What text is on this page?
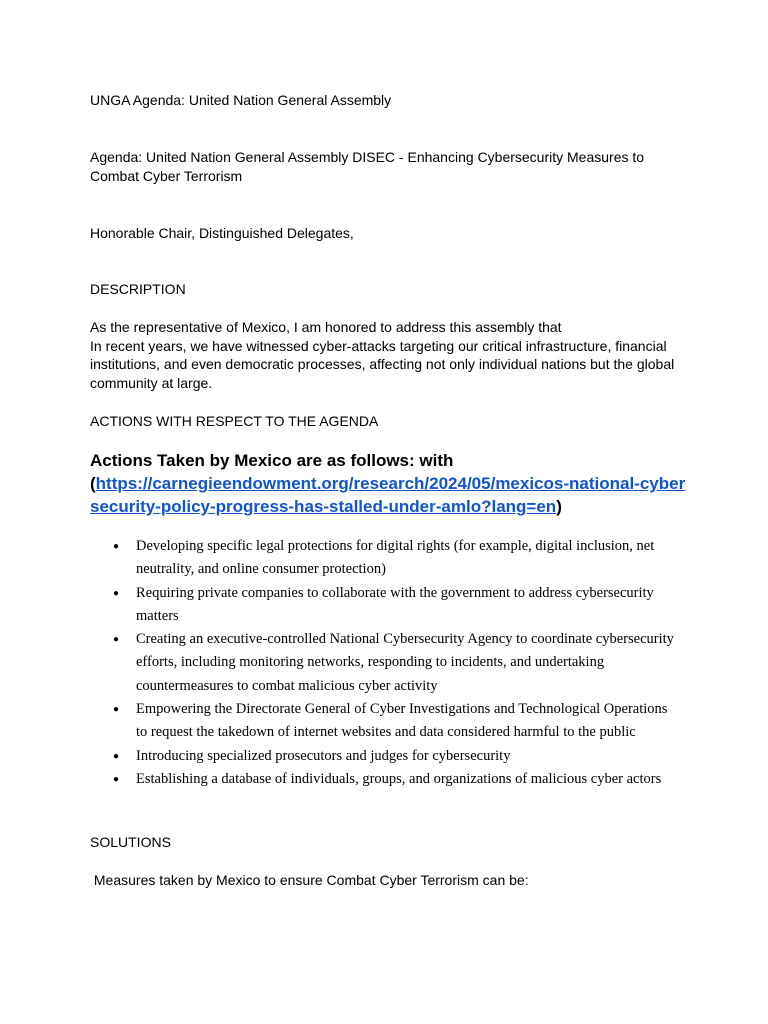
UNGA Agenda: United Nation General Assembly

Agenda: United Nation General Assembly DISEC - Enhancing Cybersecurity Measures to Combat Cyber Terrorism

Honorable Chair, Distinguished Delegates,

DESCRIPTION

As the representative of Mexico, I am honored to address this assembly that
In recent years, we have witnessed cyber-attacks targeting our critical infrastructure, financial institutions, and even democratic processes, affecting not only individual nations but the global community at large.

ACTIONS WITH RESPECT TO THE AGENDA

Actions Taken by Mexico are as follows: with
(https://carnegieendowment.org/research/2024/05/mexicos-national-cybersecurity-policy-progress-has-stalled-under-amlo?lang=en)
● Developing specific legal protections for digital rights (for example, digital inclusion, net neutrality, and online consumer protection)
● Requiring private companies to collaborate with the government to address cybersecurity matters
● Creating an executive-controlled National Cybersecurity Agency to coordinate cybersecurity efforts, including monitoring networks, responding to incidents, and undertaking countermeasures to combat malicious cyber activity
● Empowering the Directorate General of Cyber Investigations and Technological Operations to request the takedown of internet websites and data considered harmful to the public
● Introducing specialized prosecutors and judges for cybersecurity
● Establishing a database of individuals, groups, and organizations of malicious cyber actors

SOLUTIONS

Measures taken by Mexico to ensure Combat Cyber Terrorism can be:
